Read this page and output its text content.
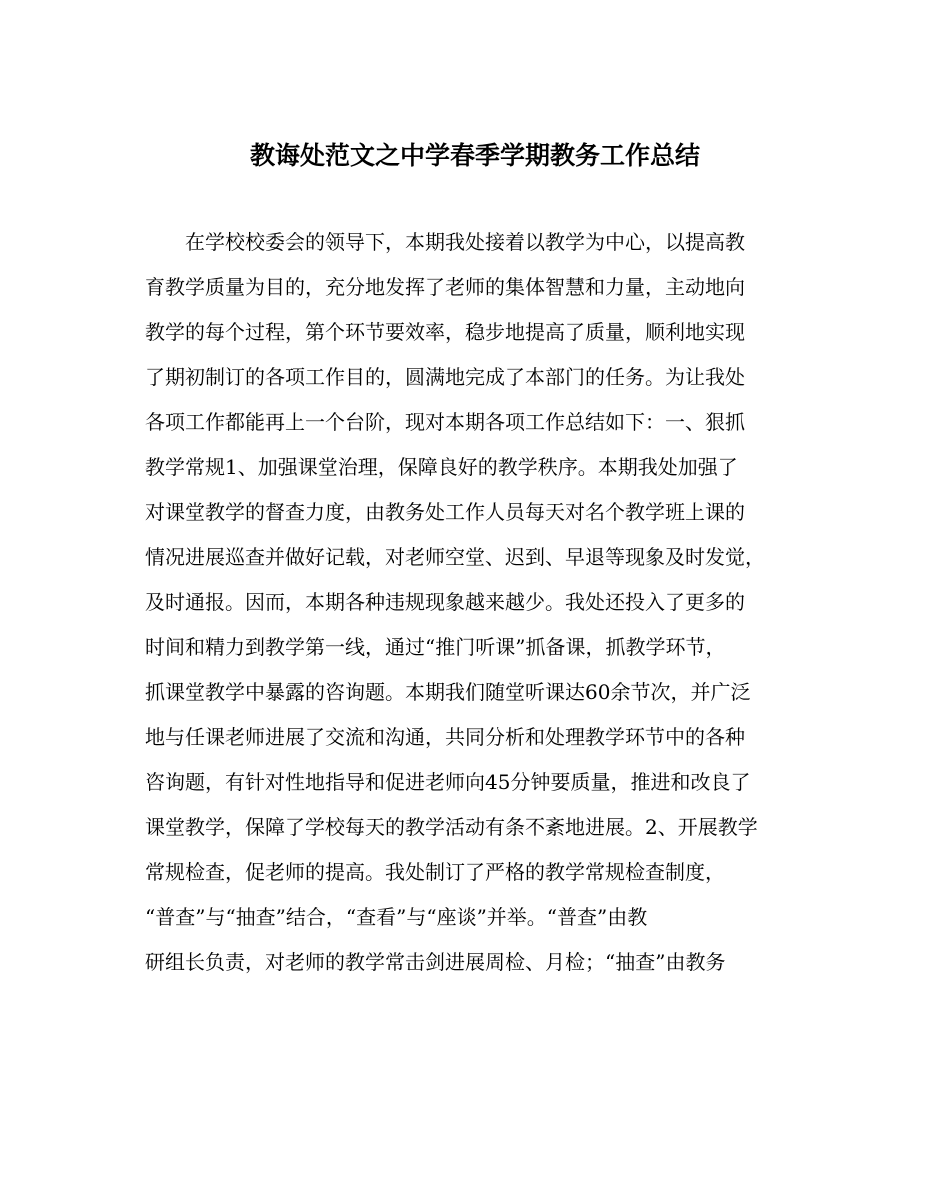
教诲处范文之中学春季学期教务工作总结
　　在学校校委会的领导下，本期我处接着以教学为中心，以提高教
育教学质量为目的，充分地发挥了老师的集体智慧和力量，主动地向
教学的每个过程，第个环节要效率，稳步地提高了质量，顺利地实现
了期初制订的各项工作目的，圆满地完成了本部门的任务。为让我处
各项工作都能再上一个台阶，现对本期各项工作总结如下：一、狠抓
教学常规1、加强课堂治理，保障良好的教学秩序。本期我处加强了
对课堂教学的督查力度，由教务处工作人员每天对名个教学班上课的
情况进展巡查并做好记载，对老师空堂、迟到、早退等现象及时发觉，
及时通报。因而，本期各种违规现象越来越少。我处还投入了更多的
时间和精力到教学第一线，通过“推门听课”抓备课，抓教学环节，
抓课堂教学中暴露的咨询题。本期我们随堂听课达60余节次，并广泛
地与任课老师进展了交流和沟通，共同分析和处理教学环节中的各种
咨询题，有针对性地指导和促进老师向45分钟要质量，推进和改良了
课堂教学，保障了学校每天的教学活动有条不紊地进展。2、开展教学
常规检查，促老师的提高。我处制订了严格的教学常规检查制度，
“普查”与“抽查”结合，“查看”与“座谈”并举。“普查”由教
研组长负责，对老师的教学常击剑进展周检、月检；“抽查”由教务
